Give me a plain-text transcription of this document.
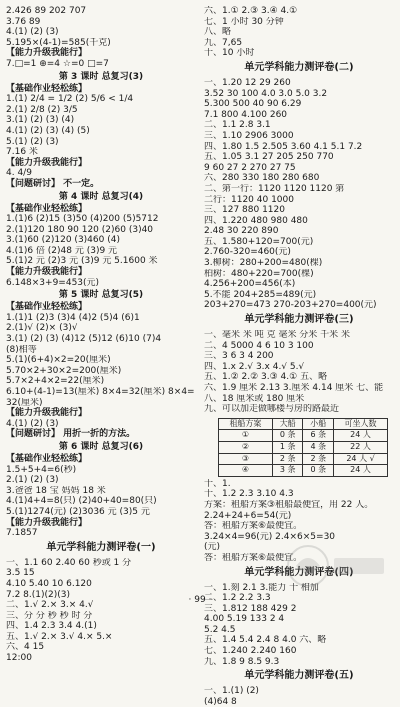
2.426 89 202 707
3.76 89
4.(1) (2) (3)
5.195×(4-1)=585(千克)
【能力升级我能行】
7.□=1 ⊕=4 ☆=0 □=7
第 3 课时 总复习(3)
【基础作业轻松练】
1.(1) 2/4 = 1/2 (2) 5/6 < 1/4
2.(1) 2/8 (2) 3/5
3.(1) (2) (3) (4)
4.(1) (2) (3) (4) (5)
5.(1) (2) (3)
7.16 米
【能力升级我能行】
4. 4/9
【问题研讨】 不一定。
第 4 课时 总复习(4)
【基础作业轻松练】
1.(1)6 (2)15 (3)50 (4)200 (5)5712
2.(1)120 180 90 120 (2)60 (3)40
3.(1)60 (2)120 (3)460 (4)
4.(1)6 倍 (2)48 元 (3)9 元
5.(1)2 元 (2)3 元 (3)9 元 5.1600 米
【能力升级我能行】
6.148×3+9=453(元)
第 5 课时 总复习(5)
【基础作业轻松练】
1.(1)1 (2)3 (3)4 (4)2 (5)4 (6)1
2.(1)√ (2)× (3)√
3.(1) (2) (3) (4)12 (5)12 (6)10 (7)4
(8)相等
5.(1)(6+4)×2=20(厘米)
5.70×2+30×2=200(厘米)
5.7×2+4×2=22(厘米)
6.10+(4-1)=13(厘米) 8×4=32(厘米) 8×4=
32(厘米)
【能力升级我能行】
4.(1) (2) (3)
【问题研讨】 用折一折的方法。
第 6 课时 总复习(6)
【基础作业轻松练】
1.5+5+4=6(秒)
2.(1) (2) (3)
3.爸爸 18 宝 妈妈 18 米
4.(1)4+4=8(只) (2)40+40=80(只)
5.(1)1274(元) (2)3036 元 (3)5 元
【能力升级我能行】
7.1857
单元学科能力测评卷(一)
一、1.1 60 2.40 60 秒或 1 分
3.5 15
4.10 5.40 10 6.120
7.2 8.(1)(2)(3)
二、1.√ 2.× 3.× 4.√
三、分 分 秒 秒 时 分
四、1.4 2.3 3.4 4.(1)
五、1.√ 2.× 3.√ 4.× 5.×
六、4 15
12:00
六、1.① 2.③ 3.④ 4.①
七、1 小时 30 分钟
八、略
九、7,65
十、10 小时
单元学科能力测评卷(二)
一、1.20 12 29 260
3.52 30 100 4.0 3.0 5.0 3.2
5.300 500 40 90 6.29
7.1 800 4.100 260
二、1.1 2.8 3.1
三、1.10 2906 3000
四、1.80 1.5 2.505 3.60 4.1 5.1 7.2
五、1.05 3.1 27 205 250 770
9 60 27 2 270 27 75
六、280 330 180 280 680
二、第一行：1120 1120 1120 第
二行：1120 40 1000
三、127 880 1120
四、1.220 480 980 480
2.48 30 220 890
五、1.580+120=700(元)
2.760-320=460(元)
3.柳树：280+200=480(棵)
柏树：480+220=700(棵)
4.256+200=456(本)
5.不能 204+285=489(元)
203+270=473 270-203+270=400(元)
单元学科能力测评卷(三)
一、毫米 米 吨 克 毫米 分米 千米 米
二、4 5000 4 6 10 3 100
三、3 6 3 4 200
四、1.x 2.√ 3.x 4.√ 5.√
五、1.② 2.② 3.③ 4.① 五、略
六、1.9 厘米 2.13 3.厘米 4.14 厘米 七、能
八、18 厘米或 180 厘米
九、可以加走做哪楼与房的路最近
租船方案	大船	小船	可坐人数
①	0 条	6 条	24 人
②	1 条	4 条	22 人
③	2 条	2 条	24 人 √
④	3 条	0 条	24 人
十、1.
十、1.2 2.3 3.10 4.3
方案：租船方案③租船最便宜，用 22 人。
2.24+24+6=54(元)
答：租船方案⑥最便宜。
3.24×4=96(元) 2.4×6×5=30
(元)
答：租船方案⑥最便宜。
单元学科能力测评卷(四)
一、1.刻 2.1 3.能力 十 相加
二、1.2 2.2 3.3
三、1.812 188 429 2
4.00 5.19 133 2 4
5.2 4.5
五、1.4 5.4 2.4 8 4.0 六、略
七、1.240 2.240 160
九、1.8 9 8.5 9.3
单元学科能力测评卷(五)
一、1.(1) (2)
(4)64 8
· 99 ·
